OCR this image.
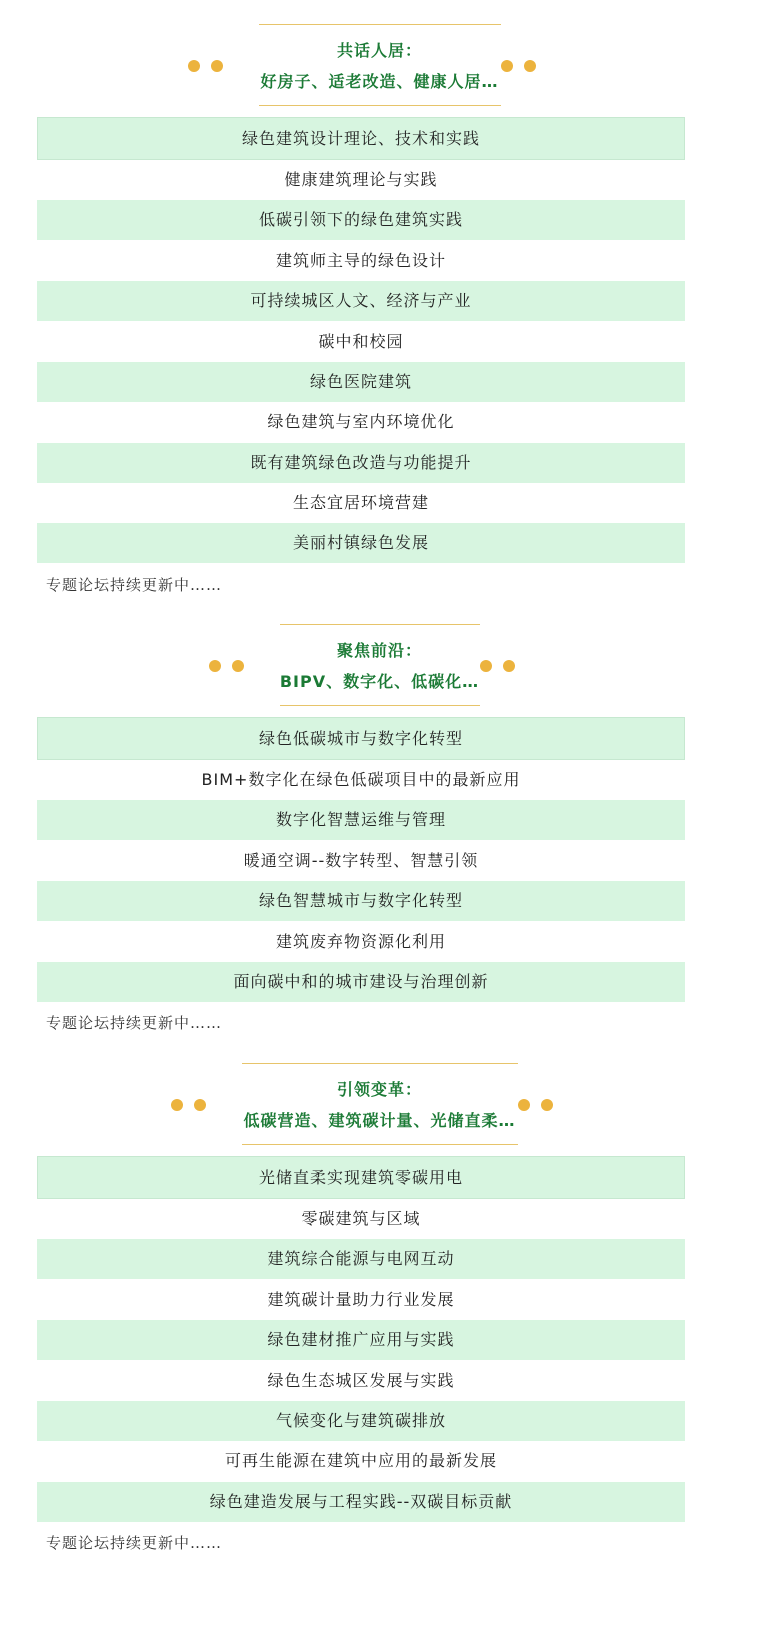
共话人居：
好房子、适老改造、健康人居…
绿色建筑设计理论、技术和实践
健康建筑理论与实践
低碳引领下的绿色建筑实践
建筑师主导的绿色设计
可持续城区人文、经济与产业
碳中和校园
绿色医院建筑
绿色建筑与室内环境优化
既有建筑绿色改造与功能提升
生态宜居环境营建
美丽村镇绿色发展
专题论坛持续更新中……
聚焦前沿：
BIPV、数字化、低碳化…
绿色低碳城市与数字化转型
BIM+数字化在绿色低碳项目中的最新应用
数字化智慧运维与管理
暖通空调--数字转型、智慧引领
绿色智慧城市与数字化转型
建筑废弃物资源化利用
面向碳中和的城市建设与治理创新
专题论坛持续更新中……
引领变革：
低碳营造、建筑碳计量、光储直柔…
光储直柔实现建筑零碳用电
零碳建筑与区域
建筑综合能源与电网互动
建筑碳计量助力行业发展
绿色建材推广应用与实践
绿色生态城区发展与实践
气候变化与建筑碳排放
可再生能源在建筑中应用的最新发展
绿色建造发展与工程实践--双碳目标贡献
专题论坛持续更新中……
